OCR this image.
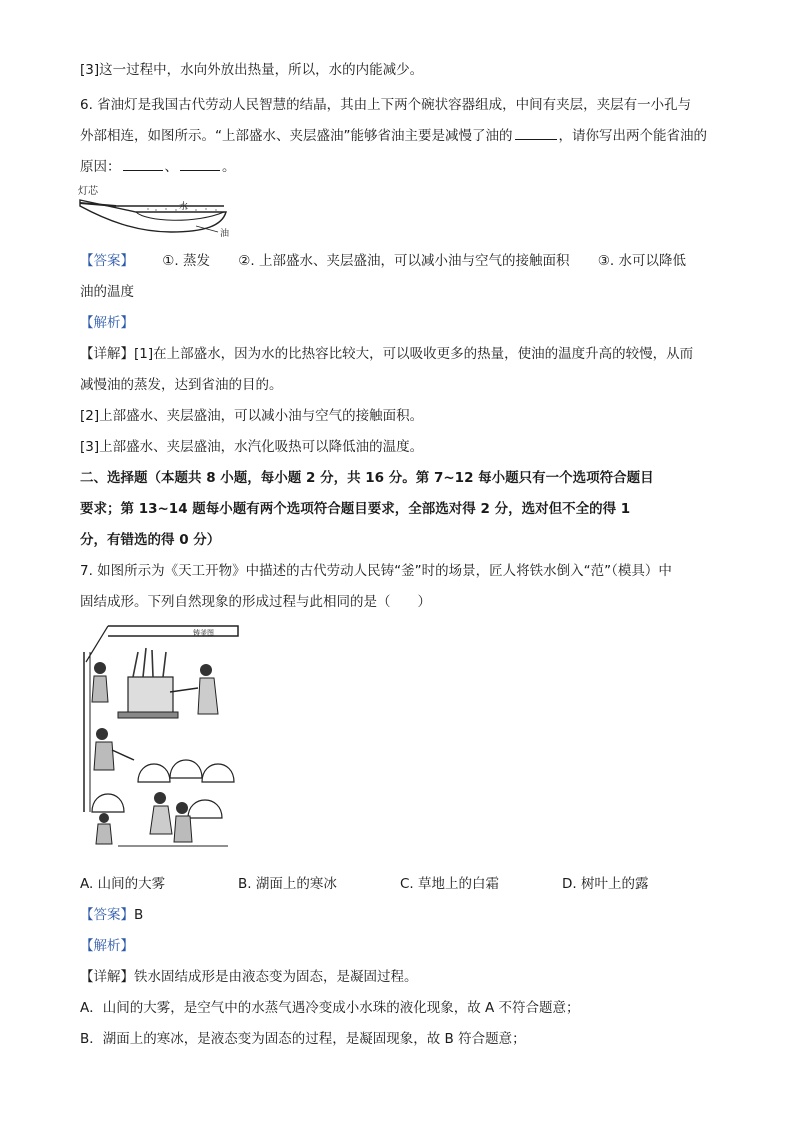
[3]这一过程中，水向外放出热量，所以，水的内能减少。
6. 省油灯是我国古代劳动人民智慧的结晶，其由上下两个碗状容器组成，中间有夹层，夹层有一小孔与
外部相连，如图所示。“上部盛水、夹层盛油”能够省油主要是减慢了油的	，请你写出两个能省油的
原因：	、	。
灯芯
水
油
【答案】 ①. 蒸发 ②. 上部盛水、夹层盛油，可以减小油与空气的接触面积 ③. 水可以降低
油的温度
【解析】
【详解】[1]在上部盛水，因为水的比热容比较大，可以吸收更多的热量，使油的温度升高的较慢，从而
减慢油的蒸发，达到省油的目的。
[2]上部盛水、夹层盛油，可以减小油与空气的接触面积。
[3]上部盛水、夹层盛油，水汽化吸热可以降低油的温度。
二、选择题（本题共 8 小题，每小题 2 分，共 16 分。第 7~12 每小题只有一个选项符合题目
要求；第 13~14 题每小题有两个选项符合题目要求，全部选对得 2 分，选对但不全的得 1
分，有错选的得 0 分）
7. 如图所示为《天工开物》中描述的古代劳动人民铸“釜”时的场景，匠人将铁水倒入“范”（模具）中
固结成形。下列自然现象的形成过程与此相同的是（　　）
铸釜图
A. 山间的大雾	B. 湖面上的寒冰	C. 草地上的白霜	D. 树叶上的露
【答案】B
【解析】
【详解】铁水固结成形是由液态变为固态，是凝固过程。
A．山间的大雾，是空气中的水蒸气遇冷变成小水珠的液化现象，故 A 不符合题意；
B．湖面上的寒冰，是液态变为固态的过程，是凝固现象，故 B 符合题意；
